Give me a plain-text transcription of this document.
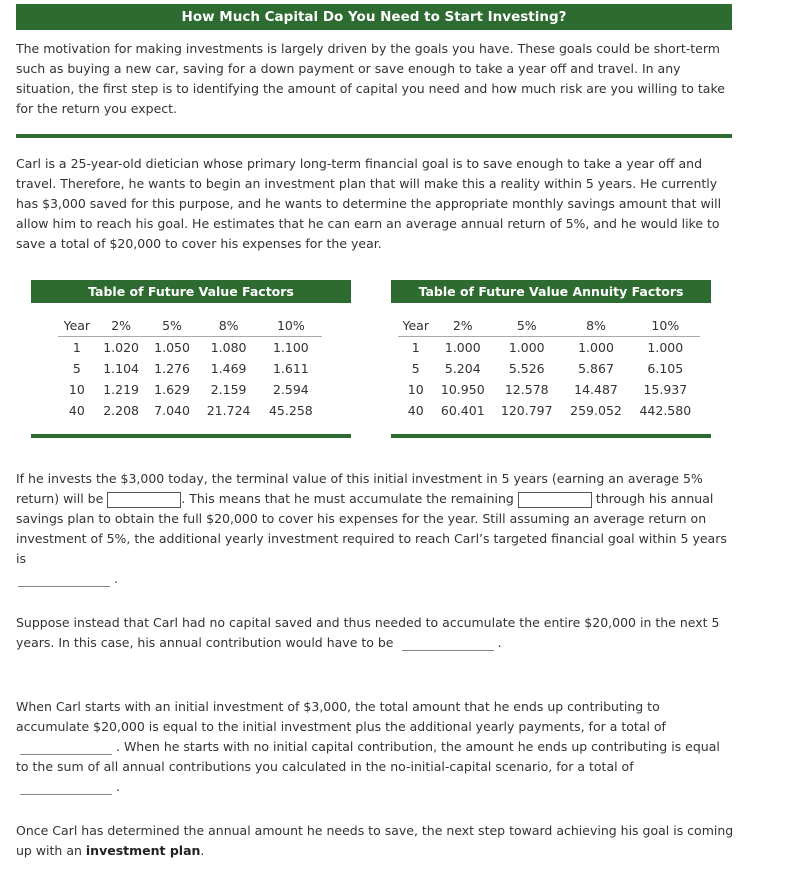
How Much Capital Do You Need to Start Investing?

The motivation for making investments is largely driven by the goals you have. These goals could be short-term such as buying a new car, saving for a down payment or save enough to take a year off and travel. In any situation, the first step is to identifying the amount of capital you need and how much risk are you willing to take for the return you expect.

Carl is a 25-year-old dietician whose primary long-term financial goal is to save enough to take a year off and travel. Therefore, he wants to begin an investment plan that will make this a reality within 5 years. He currently has $3,000 saved for this purpose, and he wants to determine the appropriate monthly savings amount that will allow him to reach his goal. He estimates that he can earn an average annual return of 5%, and he would like to save a total of $20,000 to cover his expenses for the year.

Table of Future Value Factors
Year	2%	5%	8%	10%
1	1.020	1.050	1.080	1.100
5	1.104	1.276	1.469	1.611
10	1.219	1.629	2.159	2.594
40	2.208	7.040	21.724	45.258
Table of Future Value Annuity Factors
Year	2%	5%	8%	10%
1	1.000	1.000	1.000	1.000
5	5.204	5.526	5.867	6.105
10	10.950	12.578	14.487	15.937
40	60.401	120.797	259.052	442.580

If he invests the $3,000 today, the terminal value of this initial investment in 5 years (earning an average 5% return) will be	. This means that he must accumulate the remaining	through his annual savings plan to obtain the full $20,000 to cover his expenses for the year. Still assuming an average return on investment of 5%, the additional yearly investment required to reach Carl’s targeted financial goal within 5 years is
.

Suppose instead that Carl had no capital saved and thus needed to accumulate the entire $20,000 in the next 5 years. In this case, his annual contribution would have to be	.

When Carl starts with an initial investment of $3,000, the total amount that he ends up contributing to accumulate $20,000 is equal to the initial investment plus the additional yearly payments, for a total of . When he starts with no initial capital contribution, the amount he ends up contributing is equal to the sum of all annual contributions you calculated in the no-initial-capital scenario, for a total of .

Once Carl has determined the annual amount he needs to save, the next step toward achieving his goal is coming up with an investment plan.
